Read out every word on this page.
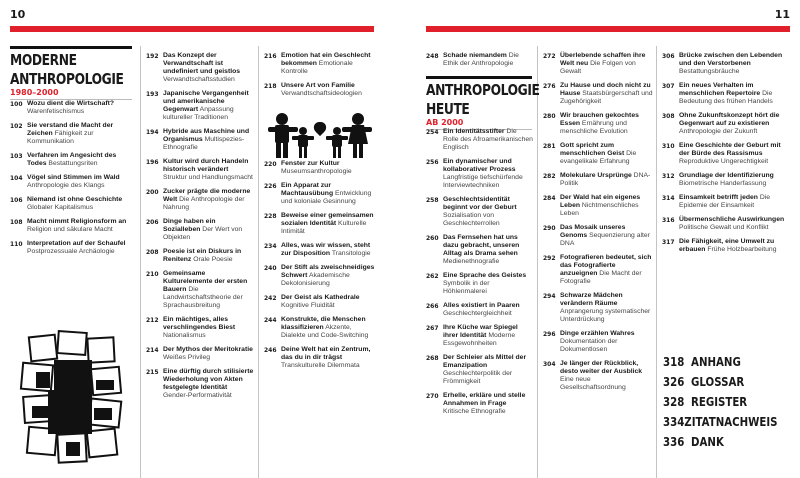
10	11
MODERNE
ANTHROPOLOGIE
1980–2000	ANTHROPOLOGIE
HEUTE
AB 2000
100 Wozu dient die Wirtschaft? Warenfetischismus
102 Sie verstand die Macht der Zeichen Fähigkeit zur Kommunikation
103 Verfahren im Angesicht des Todes Bestattungsriten
104 Vögel sind Stimmen im Wald Anthropologie des Klangs
106 Niemand ist ohne Geschichte Globaler Kapitalismus
108 Macht nimmt Religionsform an Religion und säkulare Macht
110 Interpretation auf der Schaufel Postprozessuale Archäologie
192 Das Konzept der Verwandtschaft ist undefiniert und geistlos Verwandtschaftsstudien
193 Japanische Vergangenheit und amerikanische Gegenwart Anpassung kultureller Traditionen
194 Hybride aus Maschine und Organismus Multispezies-Ethnografie
196 Kultur wird durch Handeln historisch verändert Struktur und Handlungsmacht
200 Zucker prägte die moderne Welt Die Anthropologie der Nahrung
206 Dinge haben ein Sozialleben Der Wert von Objekten
208 Poesie ist ein Diskurs in Renitenz Orale Poesie
210 Gemeinsame Kulturelemente der ersten Bauern Die Landwirtschaftstheorie der Sprachausbreitung
212 Ein mächtiges, alles verschlingendes Biest Nationalismus
214 Der Mythos der Meritokratie Weißes Privileg
215 Eine dürftig durch stilisierte Wiederholung von Akten festgelegte Identität Gender-Performativität
216 Emotion hat ein Geschlecht bekommen Emotionale Kontrolle
218 Unsere Art von Familie Verwandtschaftsideologien
220 Fenster zur Kultur Museumsanthropologie
226 Ein Apparat zur Machtausübung Entwicklung und koloniale Gesinnung
228 Beweise einer gemeinsamen sozialen Identität Kulturelle Intimität
234 Alles, was wir wissen, steht zur Disposition Transitologie
240 Der Stift als zweischneidiges Schwert Akademische Dekolonisierung
242 Der Geist als Kathedrale Kognitive Fluidität
244 Konstrukte, die Menschen klassifizieren Akzente, Dialekte und Code-Switching
246 Deine Welt hat ein Zentrum, das du in dir trägst Transkulturelle Dilemmata
248 Schade niemandem Die Ethik der Anthropologie
254 Ein Identitätsstifter Die Rolle des Afroamerikanischen Englisch
256 Ein dynamischer und kollaborativer Prozess Langfristige tiefschürfende Interviewtechniken
258 Geschlechtsidentität beginnt vor der Geburt Sozialisation von Geschlechterrollen
260 Das Fernsehen hat uns dazu gebracht, unseren Alltag als Drama sehen Medienethnografie
262 Eine Sprache des Geistes Symbolik in der Höhlenmalerei
266 Alles existiert in Paaren Geschlechtergleichheit
267 Ihre Küche war Spiegel ihrer Identität Moderne Essgewohnheiten
268 Der Schleier als Mittel der Emanzipation Geschlechterpolitik der Frömmigkeit
270 Erhelle, erkläre und stelle Annahmen in Frage Kritische Ethnografie
272 Überlebende schaffen ihre Welt neu Die Folgen von Gewalt
276 Zu Hause und doch nicht zu Hause Staatsbürgerschaft und Zugehörigkeit
280 Wir brauchen gekochtes Essen Ernährung und menschliche Evolution
281 Gott spricht zum menschlichen Geist Die evangelikale Erfahrung
282 Molekulare Ursprünge DNA-Politik
284 Der Wald hat ein eigenes Leben Nichtmenschliches Leben
290 Das Mosaik unseres Genoms Sequenzierung alter DNA
292 Fotografieren bedeutet, sich das Fotografierte anzueignen Die Macht der Fotografie
294 Schwarze Mädchen verändern Räume Anprangerung systematischer Unterdrückung
296 Dinge erzählen Wahres Dokumentation der Dokumentlosen
304 Je länger der Rückblick, desto weiter der Ausblick Eine neue Gesellschaftsordnung
306 Brücke zwischen den Lebenden und den Verstorbenen Bestattungsbräuche
307 Ein neues Verhalten im menschlichen Repertoire Die Bedeutung des frühen Handels
308 Ohne Zukunftskonzept hört die Gegenwart auf zu existieren Anthropologie der Zukunft
310 Eine Geschichte der Geburt mit der Bürde des Rassismus Reproduktive Ungerechtigkeit
312 Grundlage der Identifizierung Biometrische Handerfassung
314 Einsamkeit betrifft jeden Die Epidemie der Einsamkeit
316 Übermenschliche Auswirkungen Politische Gewalt und Konflikt
317 Die Fähigkeit, eine Umwelt zu erbauen Frühe Holzbearbeitung
318 ANHANG
326 GLOSSAR
328 REGISTER
334 ZITATNACHWEIS
336 DANK
